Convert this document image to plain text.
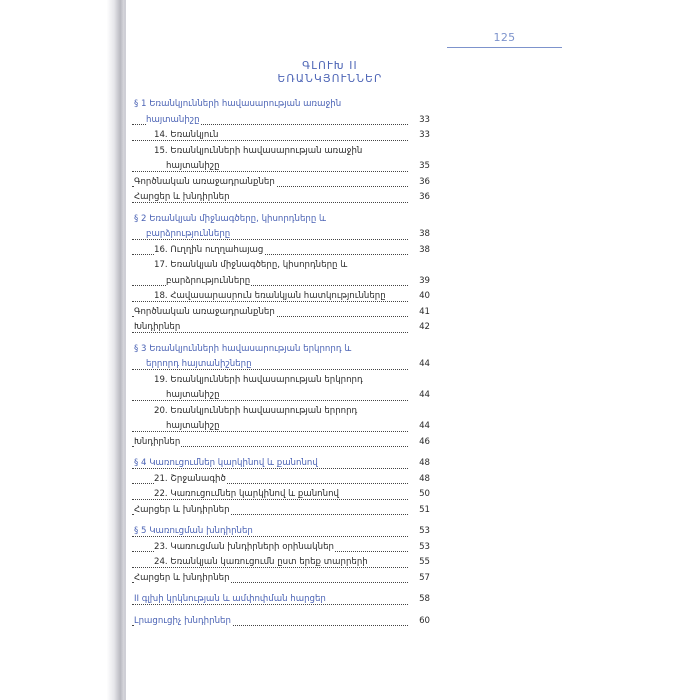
125
ԳԼՈՒԽ II
ԵՌԱՆԿՅՈՒՆՆԵՐ
§ 1 Եռանկյունների հավասարության առաջին
հայտանիշը	33
14. Եռանկյուն	33
15. Եռանկյունների հավասարության առաջին
հայտանիշը	35
Գործնական առաջադրանքներ	36
Հարցեր և խնդիրներ	36
§ 2 Եռանկյան միջնագծերը, կիսորդները և
բարձրությունները	38
16. Ուղղին ուղղահայաց	38
17. Եռանկյան միջնագծերը, կիսորդները և
բարձրությունները	39
18. Հավասարասրուն եռանկյան հատկությունները	40
Գործնական առաջադրանքներ	41
Խնդիրներ	42
§ 3 Եռանկյունների հավասարության երկրորդ և
երրորդ հայտանիշները	44
19. Եռանկյունների հավասարության երկրորդ
հայտանիշը	44
20. Եռանկյունների հավասարության երրորդ
հայտանիշը	44
Խնդիրներ	46
§ 4 Կառուցումներ կարկինով և քանոնով	48
21. Շրջանագիծ	48
22. Կառուցումներ կարկինով և քանոնով	50
Հարցեր և խնդիրներ	51
§ 5 Կառուցման խնդիրներ	53
23. Կառուցման խնդիրների օրինակներ	53
24. Եռանկյան կառուցումն ըստ երեք տարրերի	55
Հարցեր և խնդիրներ	57
II գլխի կրկնության և ամփոփման հարցեր	58
Լրացուցիչ խնդիրներ	60
